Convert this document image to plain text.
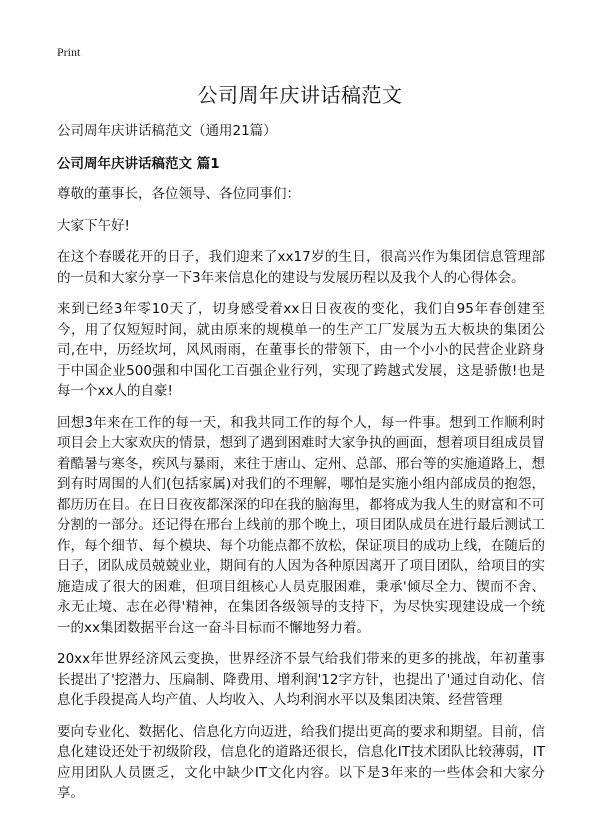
Print
公司周年庆讲话稿范文

公司周年庆讲话稿范文（通用21篇）

公司周年庆讲话稿范文 篇1

尊敬的董事长，各位领导、各位同事们：

大家下午好!

在这个春暖花开的日子，我们迎来了xx17岁的生日，很高兴作为集团信息管理部的一员和大家分享一下3年来信息化的建设与发展历程以及我个人的心得体会。

来到已经3年零10天了，切身感受着xx日日夜夜的变化，我们自95年春创建至今，用了仅短短时间，就由原来的规模单一的生产工厂发展为五大板块的集团公司,在中，历经坎坷，风风雨雨，在董事长的带领下，由一个小小的民营企业跻身于中国企业500强和中国化工百强企业行列，实现了跨越式发展，这是骄傲!也是每一个xx人的自豪!

回想3年来在工作的每一天，和我共同工作的每个人，每一件事。想到工作顺利时项目会上大家欢庆的情景，想到了遇到困难时大家争执的画面，想着项目组成员冒着酷暑与寒冬，疾风与暴雨，来往于唐山、定州、总部、邢台等的实施道路上，想到有时周围的人们(包括家属)对我们的不理解，哪怕是实施小组内部成员的抱怨，都历历在目。在日日夜夜都深深的印在我的脑海里，都将成为我人生的财富和不可分割的一部分。还记得在邢台上线前的那个晚上，项目团队成员在进行最后测试工作，每个细节、每个模块、每个功能点都不放松，保证项目的成功上线，在随后的日子，团队成员兢兢业业，期间有的人因为各种原因离开了项目团队，给项目的实施造成了很大的困难，但项目组核心人员克服困难，秉承'倾尽全力、锲而不舍、永无止境、志在必得'精神，在集团各级领导的支持下，为尽快实现建设成一个统一的xx集团数据平台这一奋斗目标而不懈地努力着。

20xx年世界经济风云变换，世界经济不景气给我们带来的更多的挑战，年初董事长提出了'挖潜力、压扁制、降费用、增利润'12字方针，也提出了'通过自动化、信息化手段提高人均产值、人均收入、人均利润水平以及集团决策、经营管理

要向专业化、数据化、信息化方向迈进，给我们提出更高的要求和期望。目前，信息化建设还处于初级阶段，信息化的道路还很长，信息化IT技术团队比较薄弱，IT应用团队人员匮乏，文化中缺少IT文化内容。以下是3年来的一些体会和大家分享。
